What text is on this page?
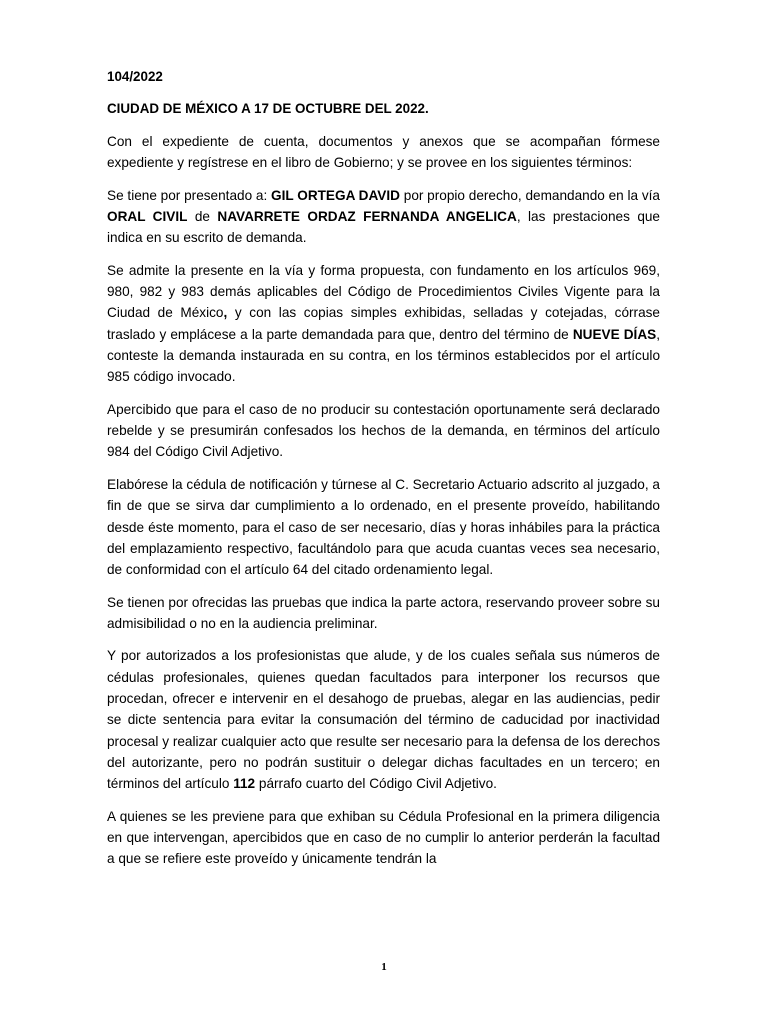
104/2022
CIUDAD DE MÉXICO A 17 DE OCTUBRE DEL 2022.

Con el expediente de cuenta, documentos y anexos que se acompañan fórmese expediente y regístrese en el libro de Gobierno; y se provee en los siguientes términos:

Se tiene por presentado a: GIL ORTEGA DAVID por propio derecho, demandando en la vía ORAL CIVIL de NAVARRETE ORDAZ FERNANDA ANGELICA, las prestaciones que indica en su escrito de demanda.

Se admite la presente en la vía y forma propuesta, con fundamento en los artículos 969, 980, 982 y 983 demás aplicables del Código de Procedimientos Civiles Vigente para la Ciudad de México, y con las copias simples exhibidas, selladas y cotejadas, córrase traslado y emplácese a la parte demandada para que, dentro del término de NUEVE DÍAS, conteste la demanda instaurada en su contra, en los términos establecidos por el artículo 985 código invocado.

Apercibido que para el caso de no producir su contestación oportunamente será declarado rebelde y se presumirán confesados los hechos de la demanda, en términos del artículo 984 del Código Civil Adjetivo.

Elabórese la cédula de notificación y túrnese al C. Secretario Actuario adscrito al juzgado, a fin de que se sirva dar cumplimiento a lo ordenado, en el presente proveído, habilitando desde éste momento, para el caso de ser necesario, días y horas inhábiles para la práctica del emplazamiento respectivo, facultándolo para que acuda cuantas veces sea necesario, de conformidad con el artículo 64 del citado ordenamiento legal.

Se tienen por ofrecidas las pruebas que indica la parte actora, reservando proveer sobre su admisibilidad o no en la audiencia preliminar.

Y por autorizados a los profesionistas que alude, y de los cuales señala sus números de cédulas profesionales, quienes quedan facultados para interponer los recursos que procedan, ofrecer e intervenir en el desahogo de pruebas, alegar en las audiencias, pedir se dicte sentencia para evitar la consumación del término de caducidad por inactividad procesal y realizar cualquier acto que resulte ser necesario para la defensa de los derechos del autorizante, pero no podrán sustituir o delegar dichas facultades en un tercero; en términos del artículo 112 párrafo cuarto del Código Civil Adjetivo.

A quienes se les previene para que exhiban su Cédula Profesional en la primera diligencia en que intervengan, apercibidos que en caso de no cumplir lo anterior perderán la facultad a que se refiere este proveído y únicamente tendrán la

1
